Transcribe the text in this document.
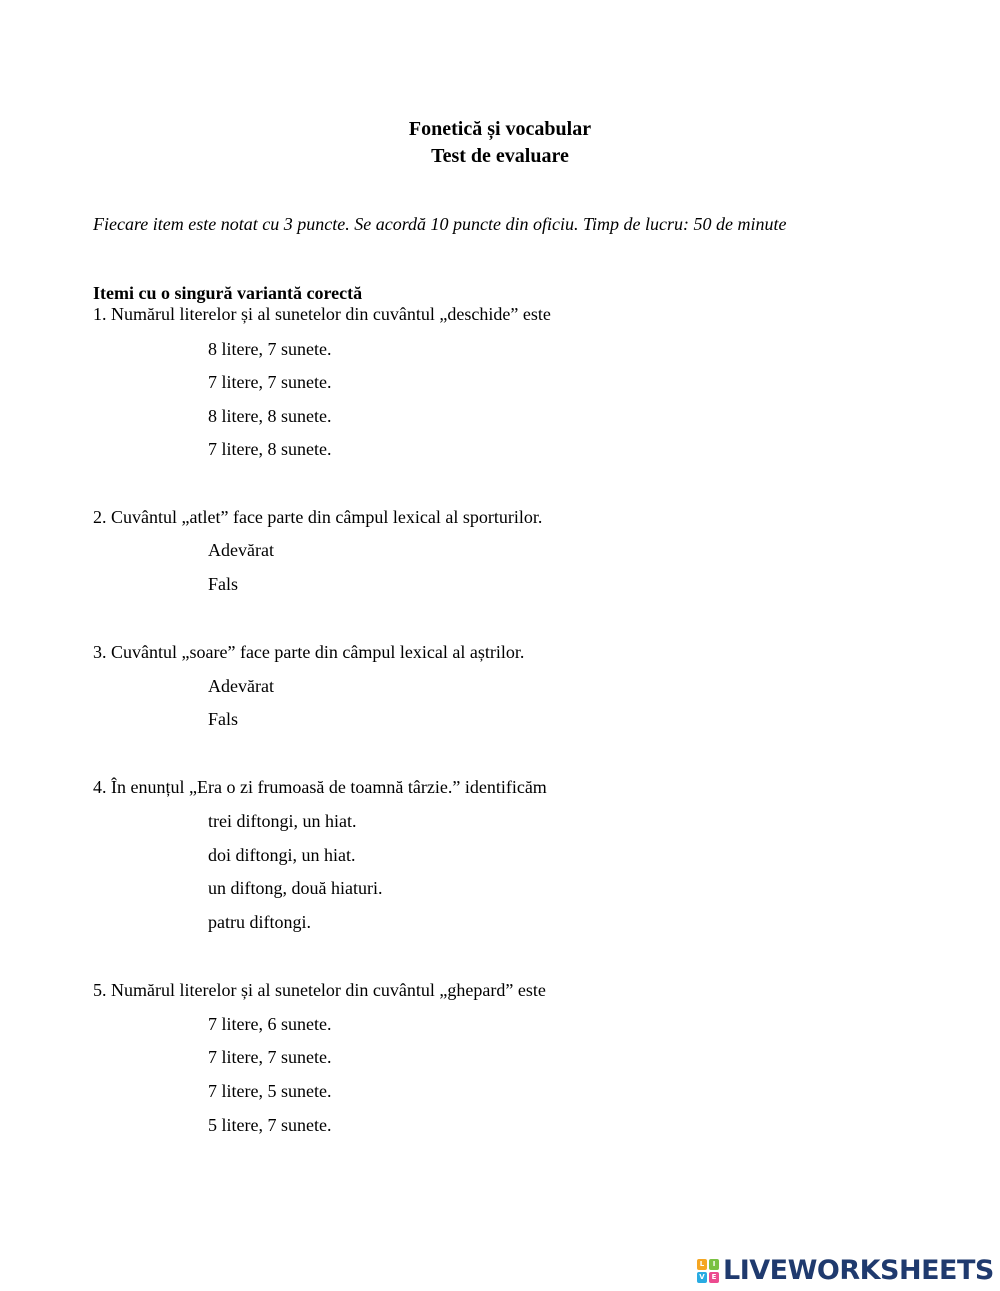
Fonetică și vocabular
Test de evaluare
Fiecare item este notat cu 3 puncte. Se acordă 10 puncte din oficiu. Timp de lucru: 50 de minute
Itemi cu o singură variantă corectă
1. Numărul literelor și al sunetelor din cuvântul „deschide” este
8 litere, 7 sunete.
7 litere, 7 sunete.
8 litere, 8 sunete.
7 litere, 8 sunete.
2. Cuvântul „atlet” face parte din câmpul lexical al sporturilor.
Adevărat
Fals
3. Cuvântul „soare” face parte din câmpul lexical al aștrilor.
Adevărat
Fals
4. În enunțul „Era o zi frumoasă de toamnă târzie.” identificăm
trei diftongi, un hiat.
doi diftongi, un hiat.
un diftong, două hiaturi.
patru diftongi.
5. Numărul literelor și al sunetelor din cuvântul „ghepard” este
7 litere, 6 sunete.
7 litere, 7 sunete.
7 litere, 5 sunete.
5 litere, 7 sunete.
L	I
V E LIVEWORKSHEETS
